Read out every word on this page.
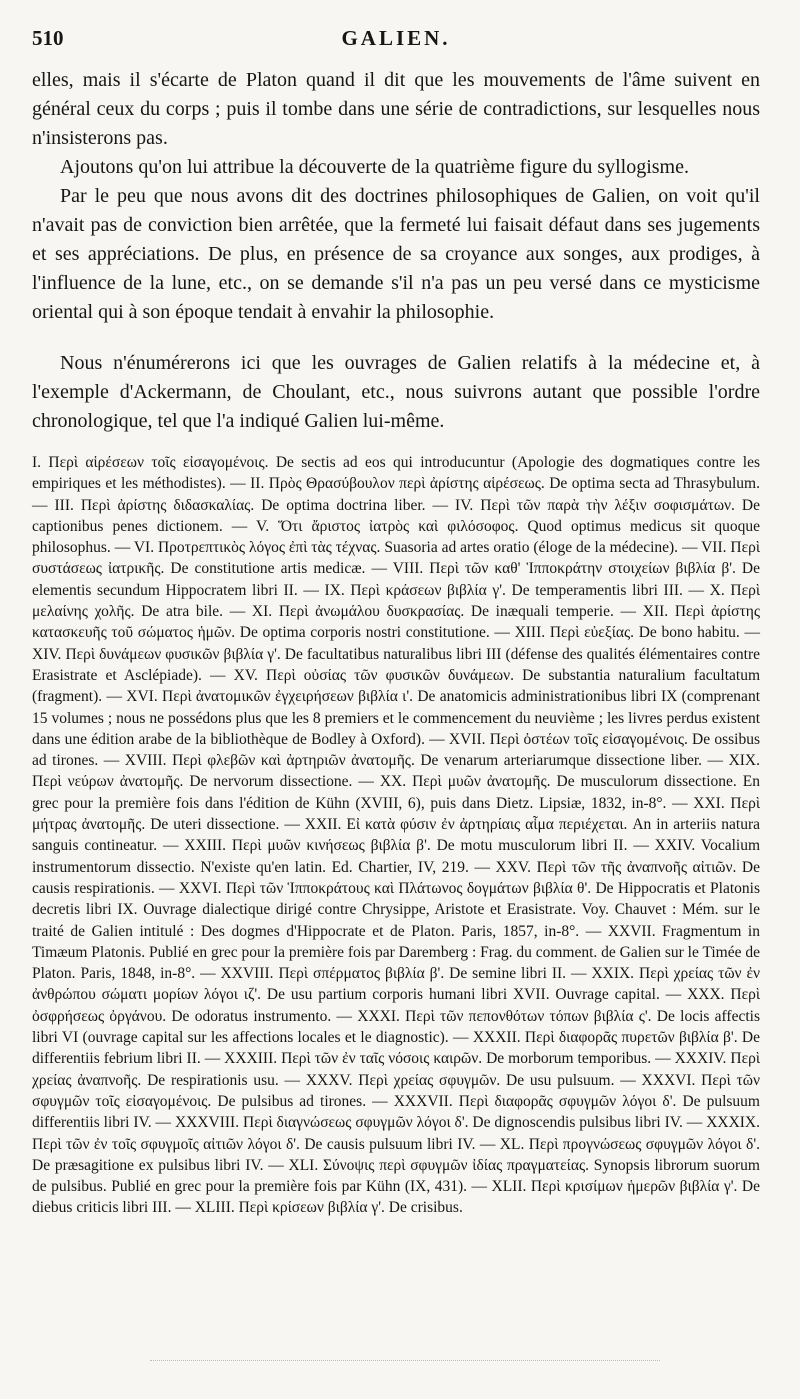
510	GALIEN.

elles, mais il s'écarte de Platon quand il dit que les mouvements de l'âme suivent en général ceux du corps ; puis il tombe dans une série de contradictions, sur lesquelles nous n'insisterons pas.

Ajoutons qu'on lui attribue la découverte de la quatrième figure du syllogisme.

Par le peu que nous avons dit des doctrines philosophiques de Galien, on voit qu'il n'avait pas de conviction bien arrêtée, que la fermeté lui faisait défaut dans ses jugements et ses appréciations. De plus, en présence de sa croyance aux songes, aux prodiges, à l'influence de la lune, etc., on se demande s'il n'a pas un peu versé dans ce mysticisme oriental qui à son époque tendait à envahir la philosophie.

Nous n'énumérerons ici que les ouvrages de Galien relatifs à la médecine et, à l'exemple d'Ackermann, de Choulant, etc., nous suivrons autant que possible l'ordre chronologique, tel que l'a indiqué Galien lui-même.

I. Περὶ αἱρέσεων τοῖς εἰσαγομένοις. De sectis ad eos qui introducuntur (Apologie des dogmatiques contre les empiriques et les méthodistes). — II. Πρὸς Θρασύβουλον περὶ ἀρίστης αἱρέσεως. De optima secta ad Thrasybulum. — III. Περὶ ἀρίστης διδασκαλίας. De optima doctrina liber. — IV. Περὶ τῶν παρὰ τὴν λέξιν σοφισμάτων. De captionibus penes dictionem. — V. Ὅτι ἄριστος ἰατρὸς καὶ φιλόσοφος. Quod optimus medicus sit quoque philosophus. — VI. Προτρεπτικὸς λόγος ἐπὶ τὰς τέχνας. Suasoria ad artes oratio (éloge de la médecine). — VII. Περὶ συστάσεως ἰατρικῆς. De constitutione artis medicæ. — VIII. Περὶ τῶν καθ' Ἱπποκράτην στοιχείων βιβλία β'. De elementis secundum Hippocratem libri II. — IX. Περὶ κράσεων βιβλία γ'. De temperamentis libri III. — X. Περὶ μελαίνης χολῆς. De atra bile. — XI. Περὶ ἀνωμάλου δυσκρασίας. De inæquali temperie. — XII. Περὶ ἀρίστης κατασκευῆς τοῦ σώματος ἡμῶν. De optima corporis nostri constitutione. — XIII. Περὶ εὐεξίας. De bono habitu. — XIV. Περὶ δυνάμεων φυσικῶν βιβλία γ'. De facultatibus naturalibus libri III (défense des qualités élémentaires contre Erasistrate et Asclépiade). — XV. Περὶ οὐσίας τῶν φυσικῶν δυνάμεων. De substantia naturalium facultatum (fragment). — XVI. Περὶ ἀνατομικῶν ἐγχειρήσεων βιβλία ι'. De anatomicis administrationibus libri IX (comprenant 15 volumes ; nous ne possédons plus que les 8 premiers et le commencement du neuvième ; les livres perdus existent dans une édition arabe de la bibliothèque de Bodley à Oxford). — XVII. Περὶ ὀστέων τοῖς εἰσαγομένοις. De ossibus ad tirones. — XVIII. Περὶ φλεβῶν καὶ ἀρτηριῶν ἀνατομῆς. De venarum arteriarumque dissectione liber. — XIX. Περὶ νεύρων ἀνατομῆς. De nervorum dissectione. — XX. Περὶ μυῶν ἀνατομῆς. De musculorum dissectione. En grec pour la première fois dans l'édition de Kühn (XVIII, 6), puis dans Dietz. Lipsiæ, 1832, in-8°. — XXI. Περὶ μήτρας ἀνατομῆς. De uteri dissectione. — XXII. Εἰ κατὰ φύσιν ἐν ἀρτηρίαις αἷμα περιέχεται. An in arteriis natura sanguis contineatur. — XXIII. Περὶ μυῶν κινήσεως βιβλία β'. De motu musculorum libri II. — XXIV. Vocalium instrumentorum dissectio. N'existe qu'en latin. Ed. Chartier, IV, 219. — XXV. Περὶ τῶν τῆς ἀναπνοῆς αἰτιῶν. De causis respirationis. — XXVI. Περὶ τῶν Ἱπποκράτους καὶ Πλάτωνος δογμάτων βιβλία θ'. De Hippocratis et Platonis decretis libri IX. Ouvrage dialectique dirigé contre Chrysippe, Aristote et Erasistrate. Voy. Chauvet : Mém. sur le traité de Galien intitulé : Des dogmes d'Hippocrate et de Platon. Paris, 1857, in-8°. — XXVII. Fragmentum in Timæum Platonis. Publié en grec pour la première fois par Daremberg : Frag. du comment. de Galien sur le Timée de Platon. Paris, 1848, in-8°. — XXVIII. Περὶ σπέρματος βιβλία β'. De semine libri II. — XXIX. Περὶ χρείας τῶν ἐν ἀνθρώπου σώματι μορίων λόγοι ιζ'. De usu partium corporis humani libri XVII. Ouvrage capital. — XXX. Περὶ ὀσφρήσεως ὀργάνου. De odoratus instrumento. — XXXI. Περὶ τῶν πεπονθότων τόπων βιβλία ς'. De locis affectis libri VI (ouvrage capital sur les affections locales et le diagnostic). — XXXII. Περὶ διαφορᾶς πυρετῶν βιβλία β'. De differentiis febrium libri II. — XXXIII. Περὶ τῶν ἐν ταῖς νόσοις καιρῶν. De morborum temporibus. — XXXIV. Περὶ χρείας ἀναπνοῆς. De respirationis usu. — XXXV. Περὶ χρείας σφυγμῶν. De usu pulsuum. — XXXVI. Περὶ τῶν σφυγμῶν τοῖς εἰσαγομένοις. De pulsibus ad tirones. — XXXVII. Περὶ διαφορᾶς σφυγμῶν λόγοι δ'. De pulsuum differentiis libri IV. — XXXVIII. Περὶ διαγνώσεως σφυγμῶν λόγοι δ'. De dignoscendis pulsibus libri IV. — XXXIX. Περὶ τῶν ἐν τοῖς σφυγμοῖς αἰτιῶν λόγοι δ'. De causis pulsuum libri IV. — XL. Περὶ προγνώσεως σφυγμῶν λόγοι δ'. De præsagitione ex pulsibus libri IV. — XLI. Σύνοψις περὶ σφυγμῶν ἰδίας πραγματείας. Synopsis librorum suorum de pulsibus. Publié en grec pour la première fois par Kühn (IX, 431). — XLII. Περὶ κρισίμων ἡμερῶν βιβλία γ'. De diebus criticis libri III. — XLIII. Περὶ κρίσεων βιβλία γ'. De crisibus.
